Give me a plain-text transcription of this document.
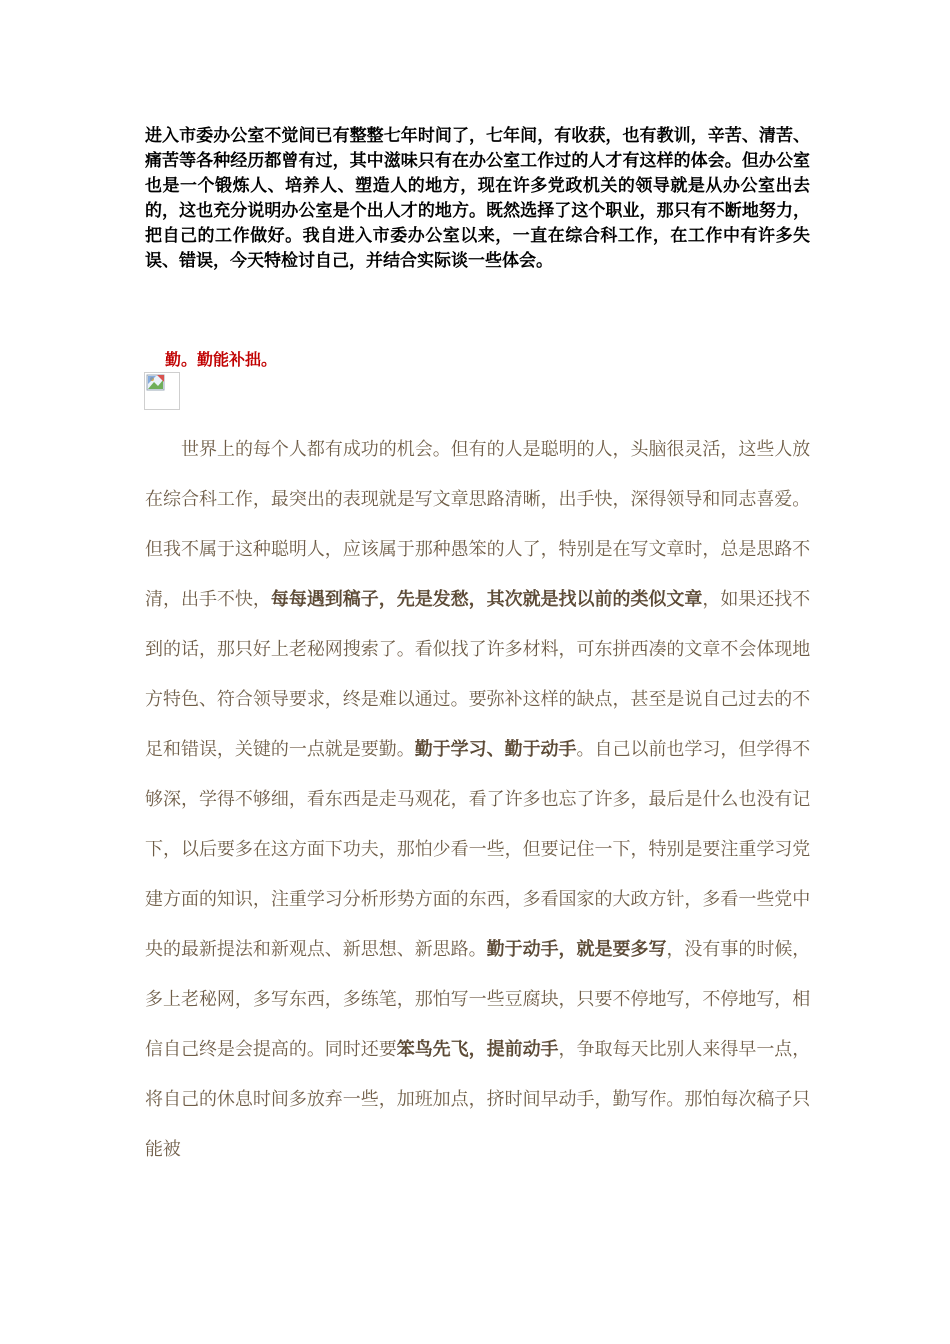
进入市委办公室不觉间已有整整七年时间了，七年间，有收获，也有教训，辛苦、清苦、痛苦等各种经历都曾有过，其中滋味只有在办公室工作过的人才有这样的体会。但办公室也是一个锻炼人、培养人、塑造人的地方，现在许多党政机关的领导就是从办公室出去的，这也充分说明办公室是个出人才的地方。既然选择了这个职业，那只有不断地努力，把自己的工作做好。我自进入市委办公室以来，一直在综合科工作，在工作中有许多失误、错误，今天特检讨自己，并结合实际谈一些体会。

勤。勤能补拙。

世界上的每个人都有成功的机会。但有的人是聪明的人，头脑很灵活，这些人放在综合科工作，最突出的表现就是写文章思路清晰，出手快，深得领导和同志喜爱。但我不属于这种聪明人，应该属于那种愚笨的人了，特别是在写文章时，总是思路不清，出手不快，每每遇到稿子，先是发愁，其次就是找以前的类似文章，如果还找不到的话，那只好上老秘网搜索了。看似找了许多材料，可东拼西凑的文章不会体现地方特色、符合领导要求，终是难以通过。要弥补这样的缺点，甚至是说自己过去的不足和错误，关键的一点就是要勤。勤于学习、勤于动手。自己以前也学习，但学得不够深，学得不够细，看东西是走马观花，看了许多也忘了许多，最后是什么也没有记下，以后要多在这方面下功夫，那怕少看一些，但要记住一下，特别是要注重学习党建方面的知识，注重学习分析形势方面的东西，多看国家的大政方针，多看一些党中央的最新提法和新观点、新思想、新思路。勤于动手，就是要多写，没有事的时候，多上老秘网，多写东西，多练笔，那怕写一些豆腐块，只要不停地写，不停地写，相信自己终是会提高的。同时还要笨鸟先飞，提前动手，争取每天比别人来得早一点，将自己的休息时间多放弃一些，加班加点，挤时间早动手，勤写作。那怕每次稿子只能被
